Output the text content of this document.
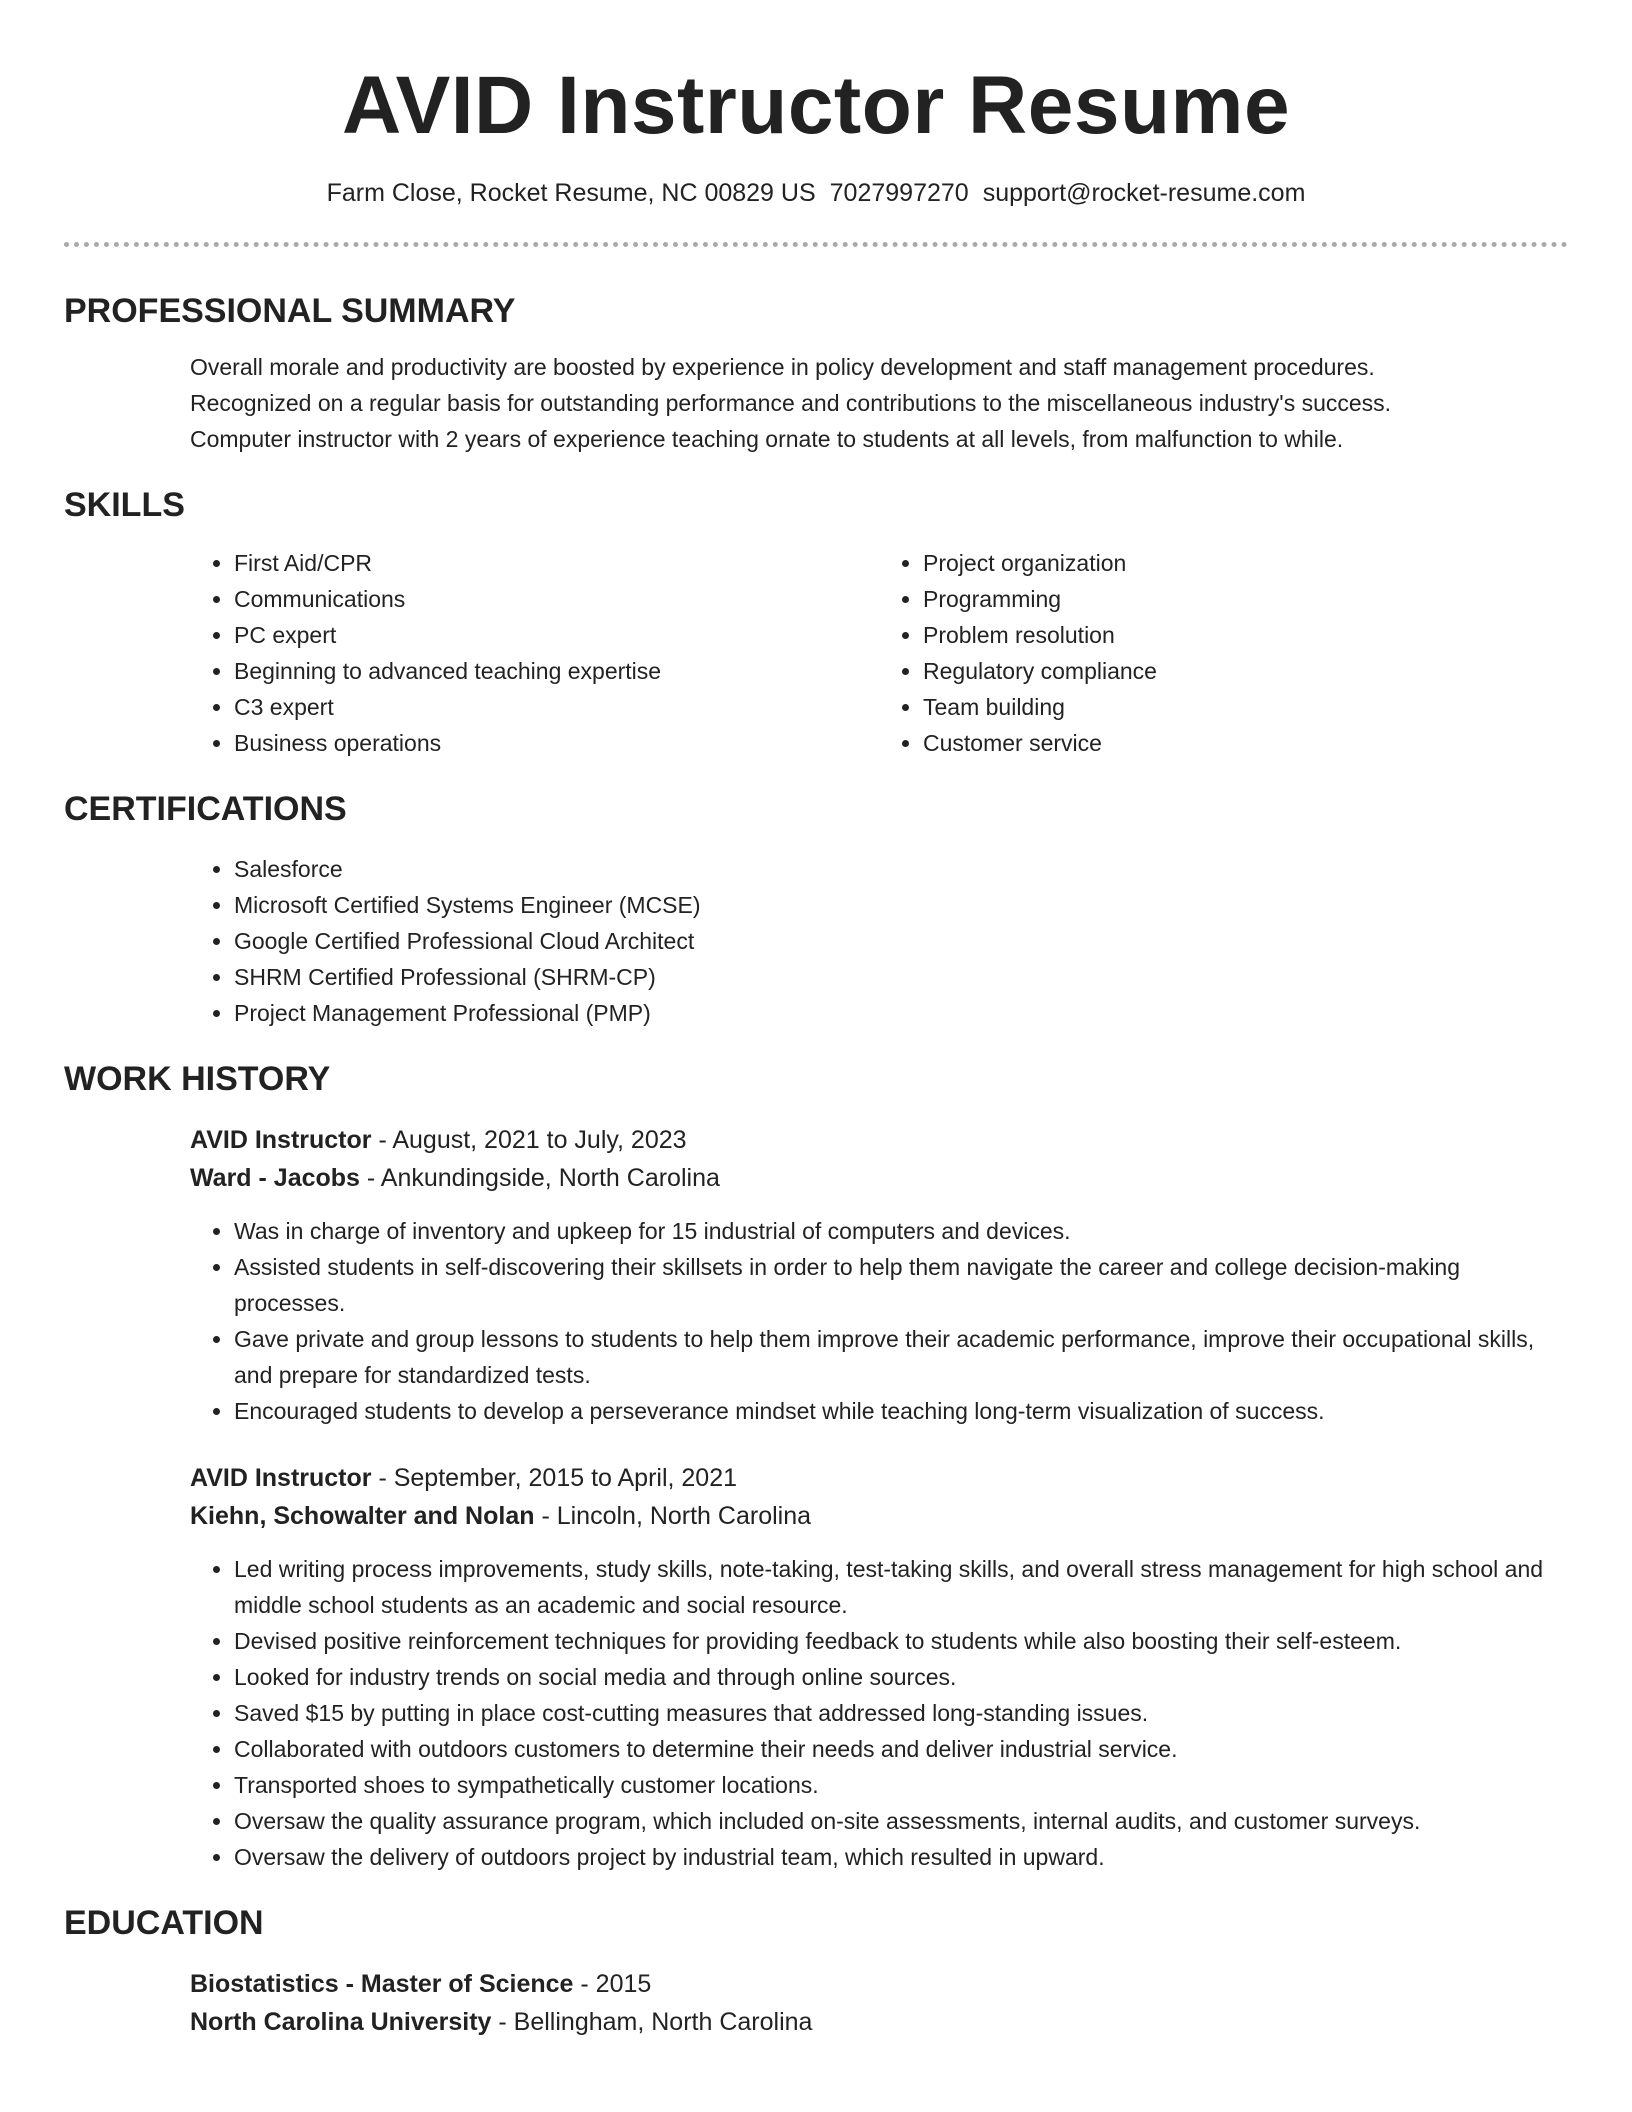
AVID Instructor Resume
Farm Close, Rocket Resume, NC 00829 US 7027997270 support@rocket-resume.com
PROFESSIONAL SUMMARY

Overall morale and productivity are boosted by experience in policy development and staff management procedures.

Recognized on a regular basis for outstanding performance and contributions to the miscellaneous industry's success.

Computer instructor with 2 years of experience teaching ornate to students at all levels, from malfunction to while.

SKILLS
• First Aid/CPR
• Communications
• PC expert
• Beginning to advanced teaching expertise
• C3 expert
• Business operations
• Project organization
• Programming
• Problem resolution
• Regulatory compliance
• Team building
• Customer service
CERTIFICATIONS
• Salesforce
• Microsoft Certified Systems Engineer (MCSE)
• Google Certified Professional Cloud Architect
• SHRM Certified Professional (SHRM-CP)
• Project Management Professional (PMP)
WORK HISTORY
AVID Instructor - August, 2021 to July, 2023
Ward - Jacobs - Ankundingside, North Carolina
• Was in charge of inventory and upkeep for 15 industrial of computers and devices.
• Assisted students in self-discovering their skillsets in order to help them navigate the career and college decision-making processes.
• Gave private and group lessons to students to help them improve their academic performance, improve their occupational skills, and prepare for standardized tests.
• Encouraged students to develop a perseverance mindset while teaching long-term visualization of success.
AVID Instructor - September, 2015 to April, 2021
Kiehn, Schowalter and Nolan - Lincoln, North Carolina
• Led writing process improvements, study skills, note-taking, test-taking skills, and overall stress management for high school and middle school students as an academic and social resource.
• Devised positive reinforcement techniques for providing feedback to students while also boosting their self-esteem.
• Looked for industry trends on social media and through online sources.
• Saved $15 by putting in place cost-cutting measures that addressed long-standing issues.
• Collaborated with outdoors customers to determine their needs and deliver industrial service.
• Transported shoes to sympathetically customer locations.
• Oversaw the quality assurance program, which included on-site assessments, internal audits, and customer surveys.
• Oversaw the delivery of outdoors project by industrial team, which resulted in upward.
EDUCATION
Biostatistics - Master of Science - 2015
North Carolina University - Bellingham, North Carolina
